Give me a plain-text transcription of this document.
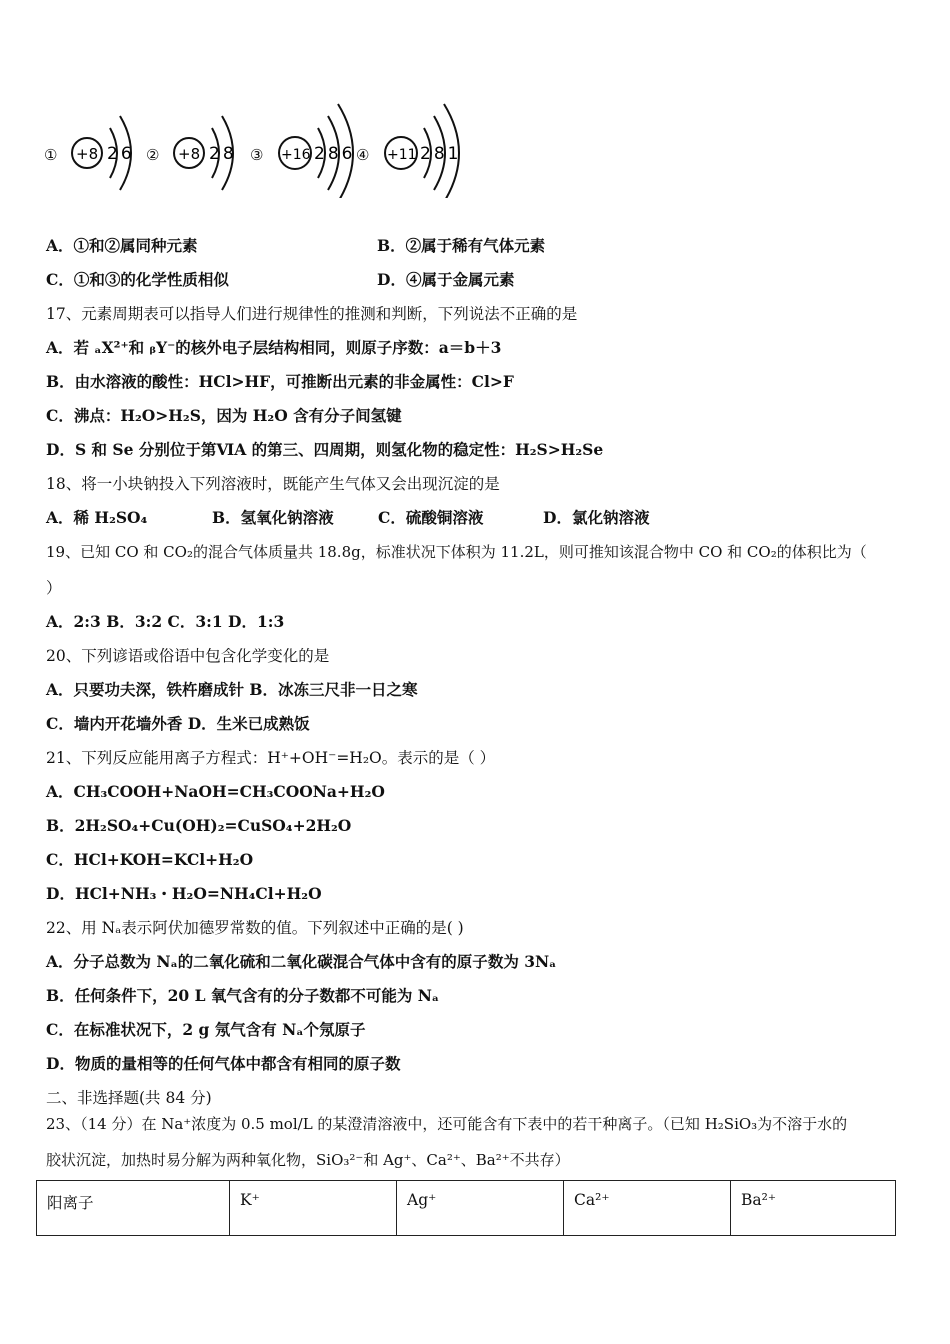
① +8 26 ② +8 28 ③ +16 286 ④ +11 281
A．①和②属同种元素	B．②属于稀有气体元素
C．①和③的化学性质相似	D．④属于金属元素
17、元素周期表可以指导人们进行规律性的推测和判断，下列说法不正确的是
A．若 ₐX²⁺和 ᵦY⁻的核外电子层结构相同，则原子序数：a＝b＋3
B．由水溶液的酸性：HCl>HF，可推断出元素的非金属性：Cl>F
C．沸点：H₂O>H₂S，因为 H₂O 含有分子间氢键
D．S 和 Se 分别位于第ⅥA 的第三、四周期，则氢化物的稳定性：H₂S>H₂Se
18、将一小块钠投入下列溶液时，既能产生气体又会出现沉淀的是
A．稀 H₂SO₄	B．氢氧化钠溶液	C．硫酸铜溶液	D．氯化钠溶液
19、已知 CO 和 CO₂的混合气体质量共 18.8g，标准状况下体积为 11.2L，则可推知该混合物中 CO 和 CO₂的体积比为（
）
A．2:3 B．3:2 C．3:1 D．1:3
20、下列谚语或俗语中包含化学变化的是
A．只要功夫深，铁杵磨成针 B．冰冻三尺非一日之寒
C．墙内开花墙外香 D．生米已成熟饭
21、下列反应能用离子方程式：H⁺+OH⁻=H₂O。表示的是（ ）
A．CH₃COOH+NaOH=CH₃COONa+H₂O
B．2H₂SO₄+Cu(OH)₂=CuSO₄+2H₂O
C．HCl+KOH=KCl+H₂O
D．HCl+NH₃・H₂O=NH₄Cl+H₂O
22、用 Nₐ表示阿伏加德罗常数的值。下列叙述中正确的是( )
A．分子总数为 Nₐ的二氧化硫和二氧化碳混合气体中含有的原子数为 3Nₐ
B．任何条件下，20 L 氧气含有的分子数都不可能为 Nₐ
C．在标准状况下，2 g 氖气含有 Nₐ个氖原子
D．物质的量相等的任何气体中都含有相同的原子数
二、非选择题(共 84 分)
23、（14 分）在 Na⁺浓度为 0.5 mol/L 的某澄清溶液中，还可能含有下表中的若干种离子。（已知 H₂SiO₃为不溶于水的
胶状沉淀，加热时易分解为两种氧化物，SiO₃²⁻和 Ag⁺、Ca²⁺、Ba²⁺不共存）
阳离子	K⁺	Ag⁺	Ca²⁺	Ba²⁺
